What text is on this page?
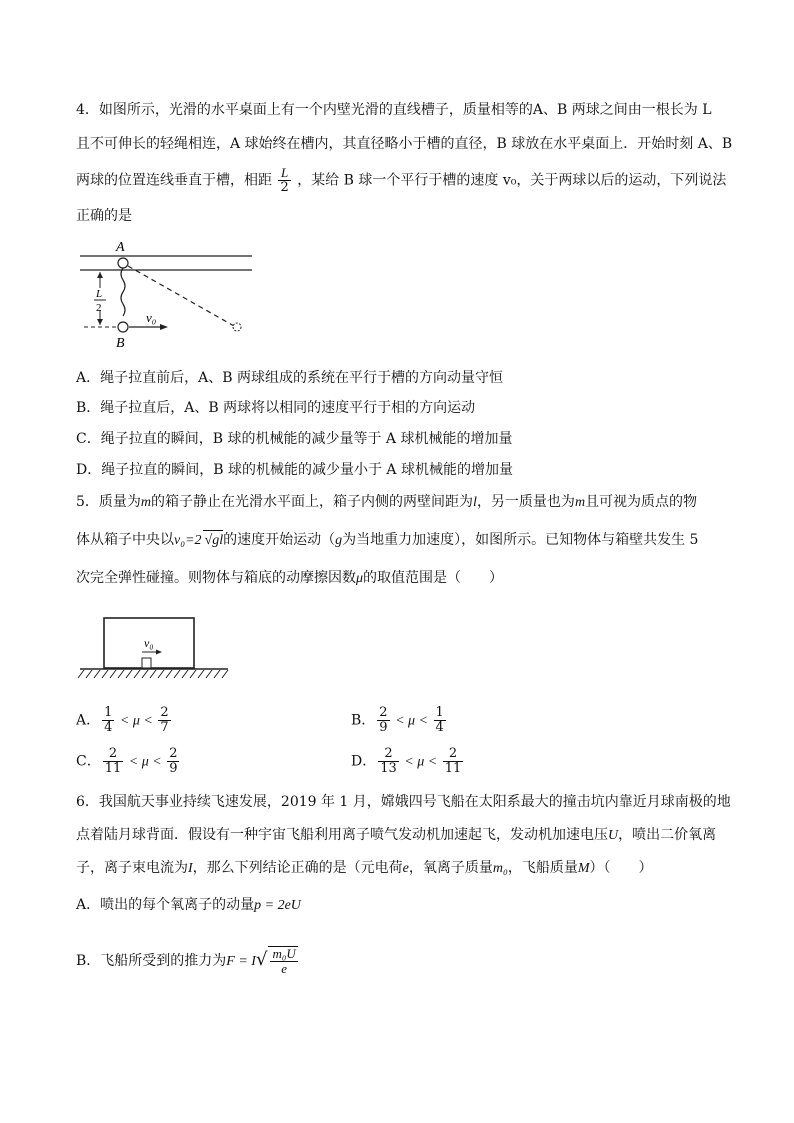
4．如图所示，光滑的水平桌面上有一个内壁光滑的直线槽子，质量相等的A、B 两球之间由一根长为 L
且不可伸长的轻绳相连，A 球始终在槽内，其直径略小于槽的直径，B 球放在水平桌面上．开始时刻 A、B
两球的位置连线垂直于槽，相距 $\frac{L}{2}$ ，某给 B 球一个平行于槽的速度 v₀，关于两球以后的运动，下列说法
正确的是
A
B
L
2
v₀
A．绳子拉直前后，A、B 两球组成的系统在平行于槽的方向动量守恒
B．绳子拉直后，A、B 两球将以相同的速度平行于相的方向运动
C．绳子拉直的瞬间，B 球的机械能的减少量等于 A 球机械能的增加量
D．绳子拉直的瞬间，B 球的机械能的减少量小于 A 球机械能的增加量
5．质量为m的箱子静止在光滑水平面上，箱子内侧的两壁间距为l，另一质量也为m且可视为质点的物
体从箱子中央以v₀=2 √gl的速度开始运动（g为当地重力加速度），如图所示。已知物体与箱壁共发生 5
次完全弹性碰撞。则物体与箱底的动摩擦因数μ的取值范围是（　　）
v₀
A． $\frac{1}{4} < \mu < \frac{2}{7}$	B． $\frac{2}{9} < \mu < \frac{1}{4}$
C． $\frac{2}{11} < \mu < \frac{2}{9}$	D． $\frac{2}{13} < \mu < \frac{2}{11}$
6．我国航天事业持续飞速发展，2019 年 1 月，嫦娥四号飞船在太阳系最大的撞击坑内靠近月球南极的地
点着陆月球背面．假设有一种宇宙飞船利用离子喷气发动机加速起飞，发动机加速电压U，喷出二价氧离
子，离子束电流为I，那么下列结论正确的是（元电荷e，氧离子质量m₀，飞船质量M）（　　）
A．喷出的每个氧离子的动量p = 2eU
B．飞船所受到的推力为$F = I√ \frac{\text{m₀U}}{e}$
